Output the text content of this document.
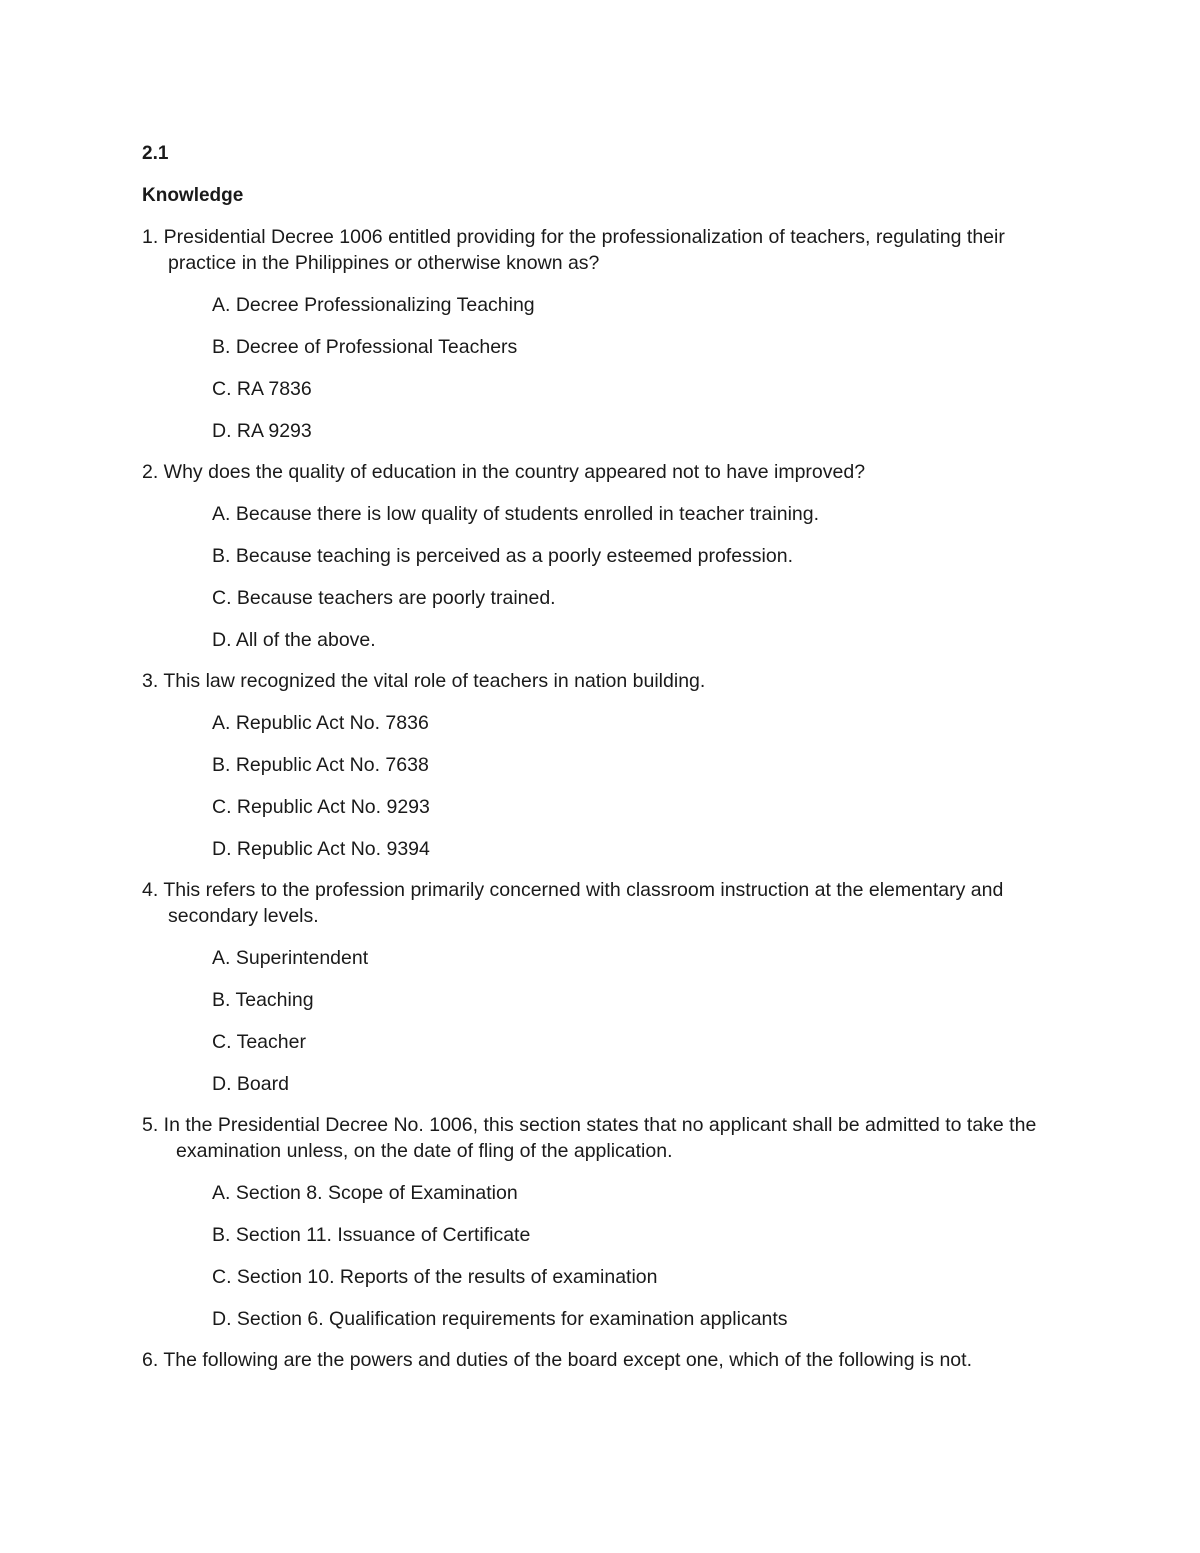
2.1
Knowledge
1. Presidential Decree 1006 entitled providing for the professionalization of teachers, regulating their practice in the Philippines or otherwise known as?
A. Decree Professionalizing Teaching
B. Decree of Professional Teachers
C. RA 7836
D. RA 9293
2. Why does the quality of education in the country appeared not to have improved?
A. Because there is low quality of students enrolled in teacher training.
B. Because teaching is perceived as a poorly esteemed profession.
C. Because teachers are poorly trained.
D. All of the above.
3. This law recognized the vital role of teachers in nation building.
A. Republic Act No. 7836
B. Republic Act No. 7638
C. Republic Act No. 9293
D. Republic Act No. 9394
4. This refers to the profession primarily concerned with classroom instruction at the elementary and secondary levels.
A. Superintendent
B. Teaching
C. Teacher
D. Board
5. In the Presidential Decree No. 1006, this section states that no applicant shall be admitted to take the examination unless, on the date of fling of the application.
A. Section 8. Scope of Examination
B. Section 11. Issuance of Certificate
C. Section 10. Reports of the results of examination
D. Section 6. Qualification requirements for examination applicants
6. The following are the powers and duties of the board except one, which of the following is not.
